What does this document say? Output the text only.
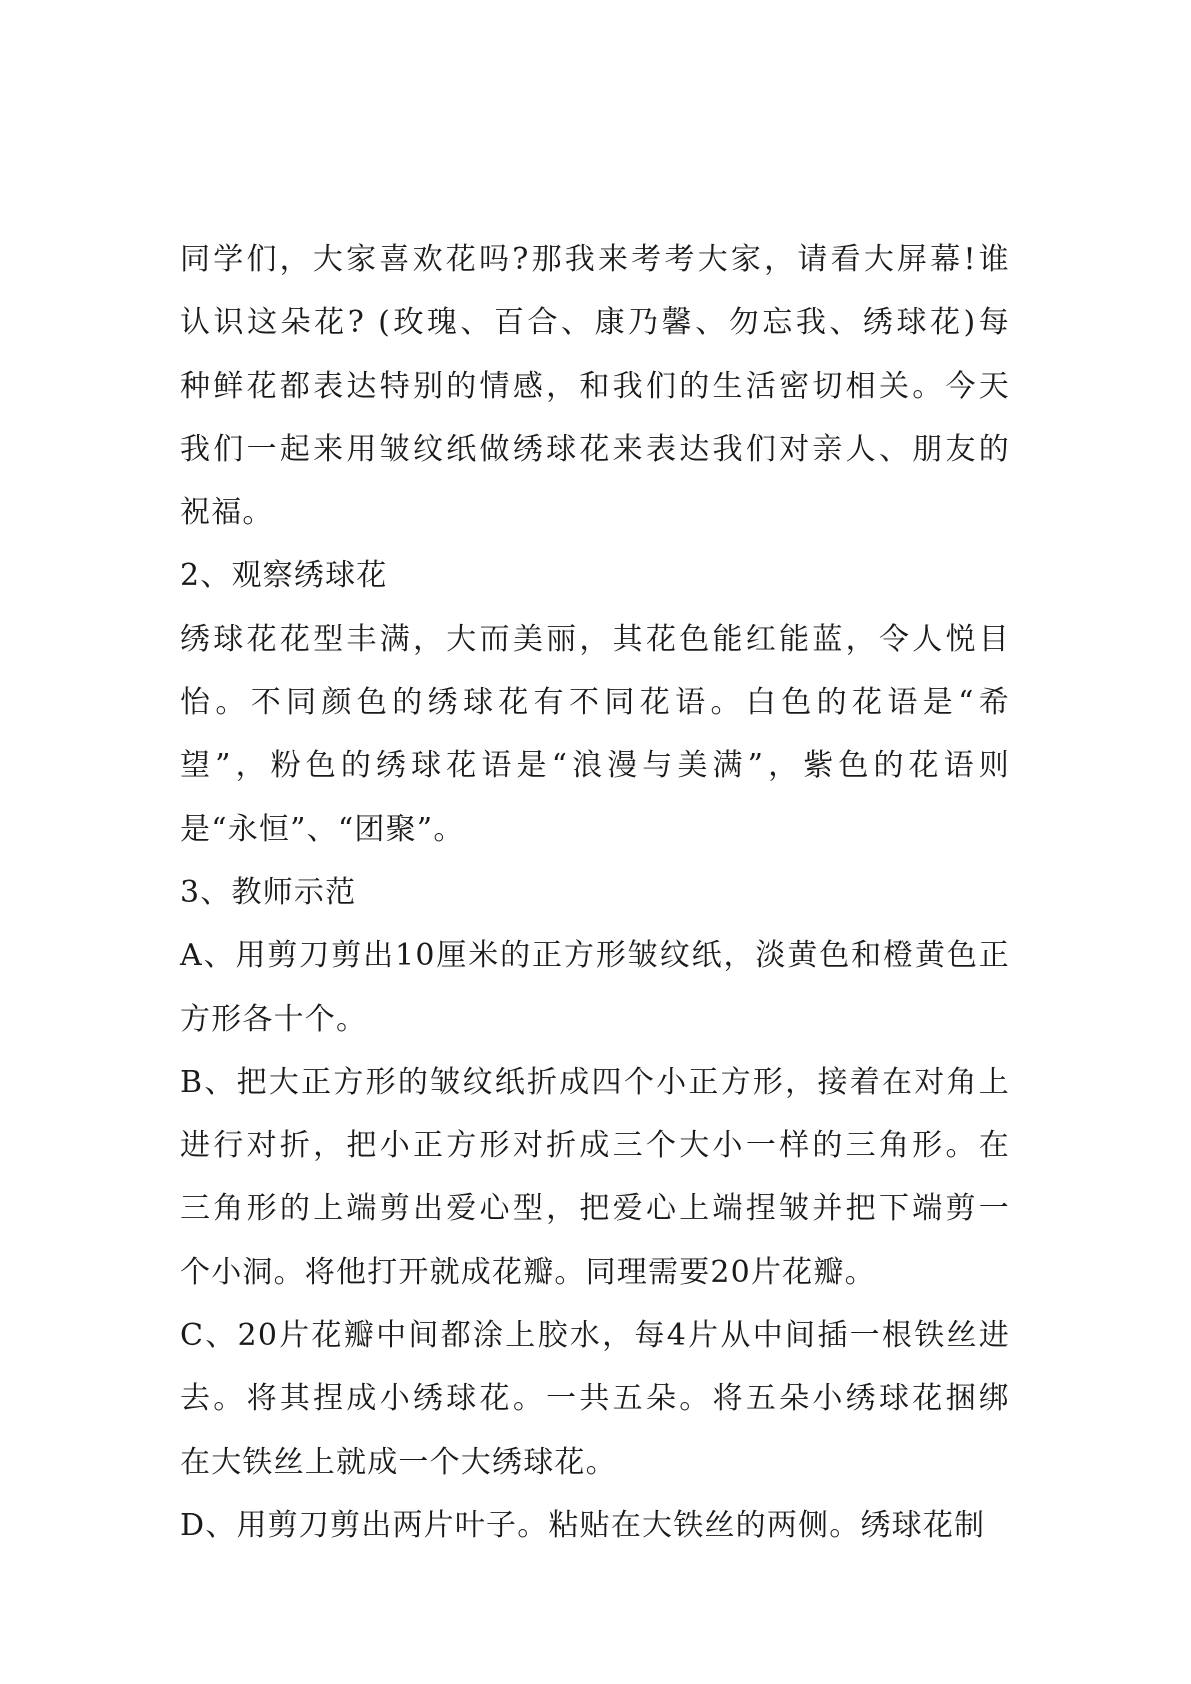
同学们，大家喜欢花吗?那我来考考大家，请看大屏幕!谁
认识这朵花? (玫瑰、百合、康乃馨、勿忘我、绣球花)每
种鲜花都表达特别的情感，和我们的生活密切相关。今天
我们一起来用皱纹纸做绣球花来表达我们对亲人、朋友的
祝福。
2、观察绣球花
绣球花花型丰满，大而美丽，其花色能红能蓝，令人悦目
怡。不同颜色的绣球花有不同花语。白色的花语是“希
望”，粉色的绣球花语是“浪漫与美满”，紫色的花语则
是“永恒”、“团聚”。
3、教师示范
A、用剪刀剪出10厘米的正方形皱纹纸，淡黄色和橙黄色正
方形各十个。
B、把大正方形的皱纹纸折成四个小正方形，接着在对角上
进行对折，把小正方形对折成三个大小一样的三角形。在
三角形的上端剪出爱心型，把爱心上端捏皱并把下端剪一
个小洞。将他打开就成花瓣。同理需要20片花瓣。
C、20片花瓣中间都涂上胶水，每4片从中间插一根铁丝进
去。将其捏成小绣球花。一共五朵。将五朵小绣球花捆绑
在大铁丝上就成一个大绣球花。
D、用剪刀剪出两片叶子。粘贴在大铁丝的两侧。绣球花制
